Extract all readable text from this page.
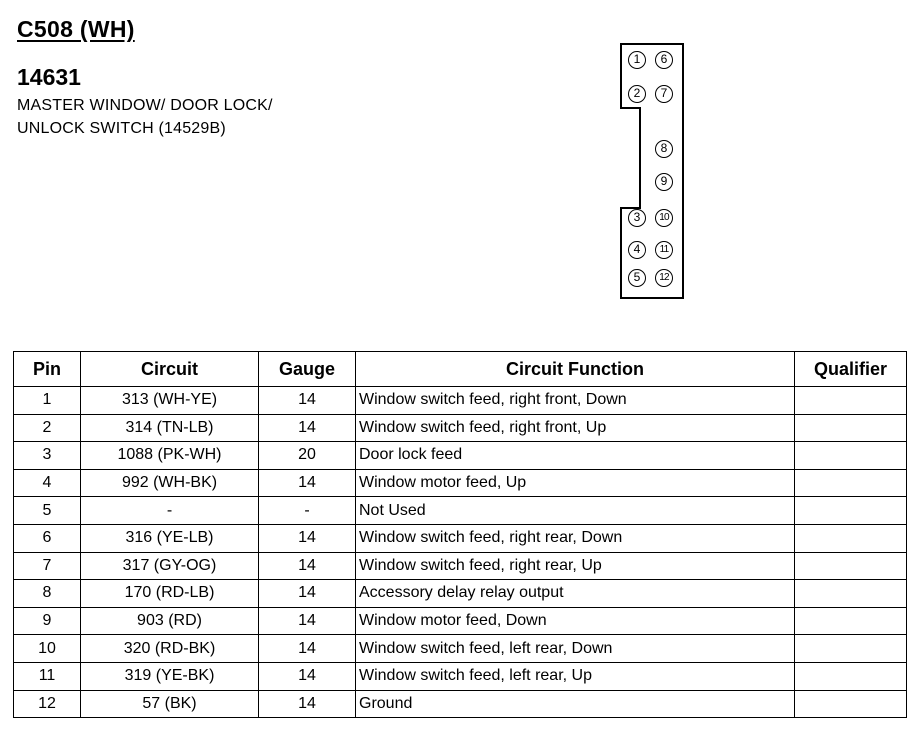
C508 (WH)
14631
MASTER WINDOW/ DOOR LOCK/
UNLOCK SWITCH (14529B)
1
2
3
4
5
6
7
8
9
10
11
12
Pin	Circuit	Gauge	Circuit Function	Qualifier
1	313 (WH-YE)	14	Window switch feed, right front, Down	
2	314 (TN-LB)	14	Window switch feed, right front, Up	
3	1088 (PK-WH)	20	Door lock feed	
4	992 (WH-BK)	14	Window motor feed, Up	
5	-	-	Not Used	
6	316 (YE-LB)	14	Window switch feed, right rear, Down	
7	317 (GY-OG)	14	Window switch feed, right rear, Up	
8	170 (RD-LB)	14	Accessory delay relay output	
9	903 (RD)	14	Window motor feed, Down	
10	320 (RD-BK)	14	Window switch feed, left rear, Down	
11	319 (YE-BK)	14	Window switch feed, left rear, Up	
12	57 (BK)	14	Ground	
